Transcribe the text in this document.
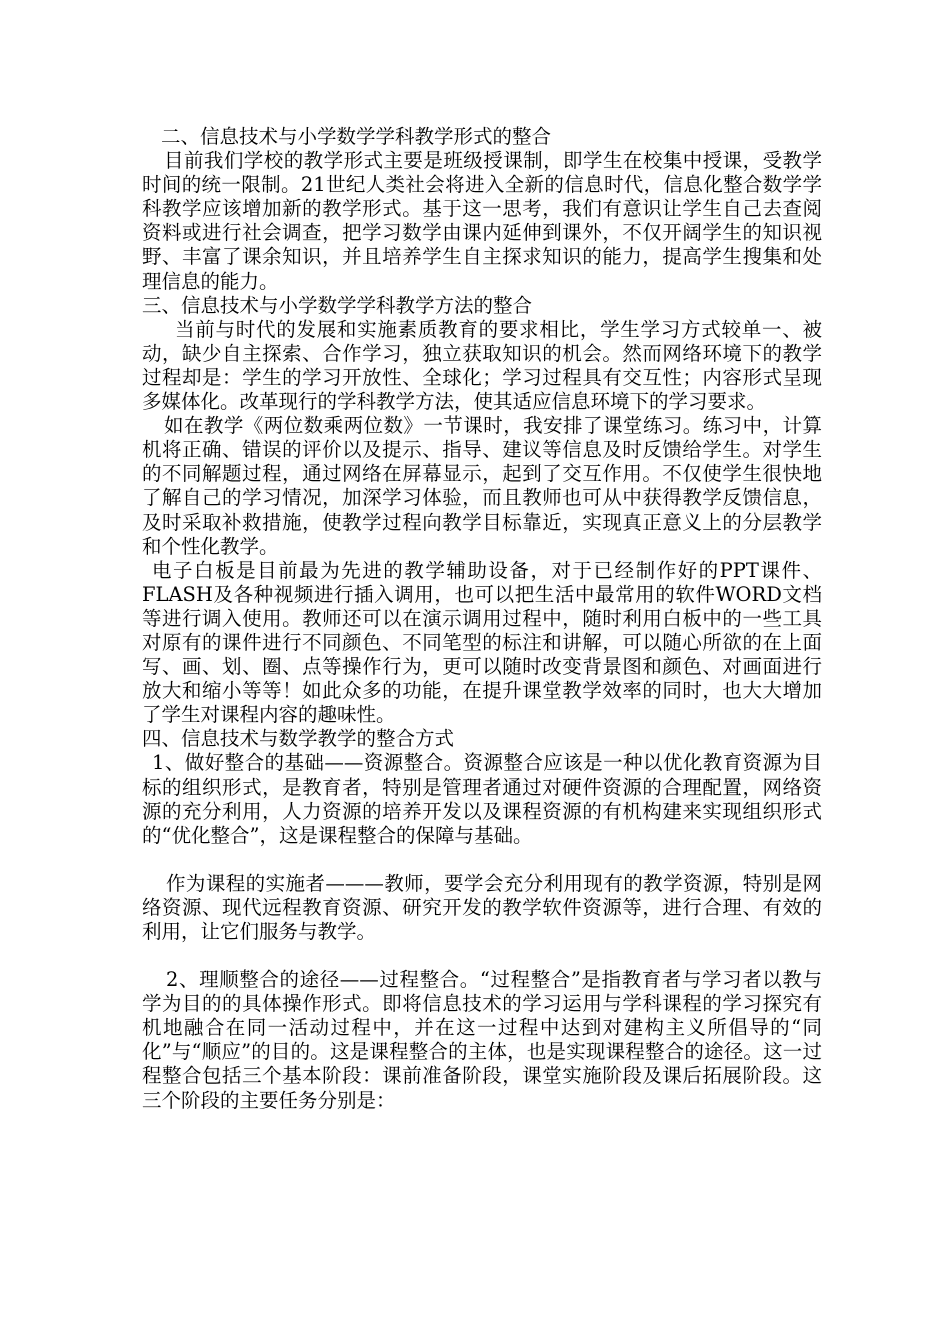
二、信息技术与小学数学学科教学形式的整合

目前我们学校的教学形式主要是班级授课制，即学生在校集中授课，受教学时间的统一限制。21世纪人类社会将进入全新的信息时代，信息化整合数学学科教学应该增加新的教学形式。基于这一思考，我们有意识让学生自己去查阅资料或进行社会调查，把学习数学由课内延伸到课外，不仅开阔学生的知识视野、丰富了课余知识，并且培养学生自主探求知识的能力，提高学生搜集和处理信息的能力。

三、信息技术与小学数学学科教学方法的整合

当前与时代的发展和实施素质教育的要求相比，学生学习方式较单一、被动，缺少自主探索、合作学习，独立获取知识的机会。然而网络环境下的教学过程却是：学生的学习开放性、全球化；学习过程具有交互性；内容形式呈现多媒体化。改革现行的学科教学方法，使其适应信息环境下的学习要求。

如在教学《两位数乘两位数》一节课时，我安排了课堂练习。练习中，计算机将正确、错误的评价以及提示、指导、建议等信息及时反馈给学生。对学生的不同解题过程，通过网络在屏幕显示，起到了交互作用。不仅使学生很快地了解自己的学习情况，加深学习体验，而且教师也可从中获得教学反馈信息，及时采取补救措施，使教学过程向教学目标靠近，实现真正意义上的分层教学和个性化教学。

电子白板是目前最为先进的教学辅助设备，对于已经制作好的PPT课件、FLASH及各种视频进行插入调用，也可以把生活中最常用的软件WORD文档等进行调入使用。教师还可以在演示调用过程中，随时利用白板中的一些工具对原有的课件进行不同颜色、不同笔型的标注和讲解，可以随心所欲的在上面写、画、划、圈、点等操作行为，更可以随时改变背景图和颜色、对画面进行放大和缩小等等！如此众多的功能，在提升课堂教学效率的同时，也大大增加了学生对课程内容的趣味性。

四、信息技术与数学教学的整合方式

1、做好整合的基础——资源整合。资源整合应该是一种以优化教育资源为目标的组织形式，是教育者，特别是管理者通过对硬件资源的合理配置，网络资源的充分利用，人力资源的培养开发以及课程资源的有机构建来实现组织形式的“优化整合”，这是课程整合的保障与基础。

作为课程的实施者———教师，要学会充分利用现有的教学资源，特别是网络资源、现代远程教育资源、研究开发的教学软件资源等，进行合理、有效的利用，让它们服务与教学。

2、理顺整合的途径——过程整合。“过程整合”是指教育者与学习者以教与学为目的的具体操作形式。即将信息技术的学习运用与学科课程的学习探究有机地融合在同一活动过程中，并在这一过程中达到对建构主义所倡导的“同化”与“顺应”的目的。这是课程整合的主体，也是实现课程整合的途径。这一过程整合包括三个基本阶段：课前准备阶段，课堂实施阶段及课后拓展阶段。这三个阶段的主要任务分别是：
